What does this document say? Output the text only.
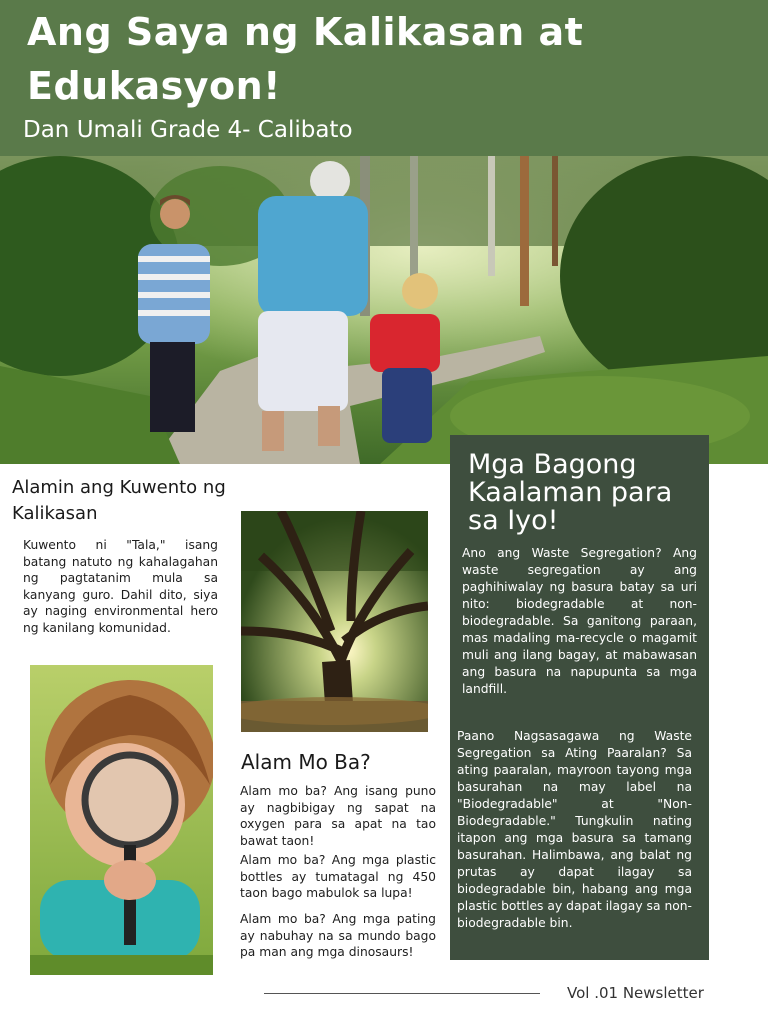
Ang Saya ng Kalikasan at Edukasyon!

Dan Umali Grade 4- Calibato

Alamin ang Kuwento ng Kalikasan

Kuwento ni "Tala," isang batang natuto ng kahalagahan ng pagtatanim mula sa kanyang guro. Dahil dito, siya ay naging environmental hero ng kanilang komunidad.

Alam Mo Ba?

Alam mo ba? Ang isang puno ay nagbibigay ng sapat na oxygen para sa apat na tao bawat taon!

Alam mo ba? Ang mga plastic bottles ay tumatagal ng 450 taon bago mabulok sa lupa!

Alam mo ba? Ang mga pating ay nabuhay na sa mundo bago pa man ang mga dinosaurs!

Mga Bagong Kaalaman para sa Iyo!

Ano ang Waste Segregation? Ang waste segregation ay ang paghihiwalay ng basura batay sa uri nito: biodegradable at non-biodegradable. Sa ganitong paraan, mas madaling ma-recycle o magamit muli ang ilang bagay, at mabawasan ang basura na napupunta sa mga landfill.

Paano Nagsasagawa ng Waste Segregation sa Ating Paaralan? Sa ating paaralan, mayroon tayong mga basurahan na may label na "Biodegradable" at "Non-Biodegradable." Tungkulin nating itapon ang mga basura sa tamang basurahan. Halimbawa, ang balat ng prutas ay dapat ilagay sa biodegradable bin, habang ang mga plastic bottles ay dapat ilagay sa non-biodegradable bin.

Vol .01 Newsletter
